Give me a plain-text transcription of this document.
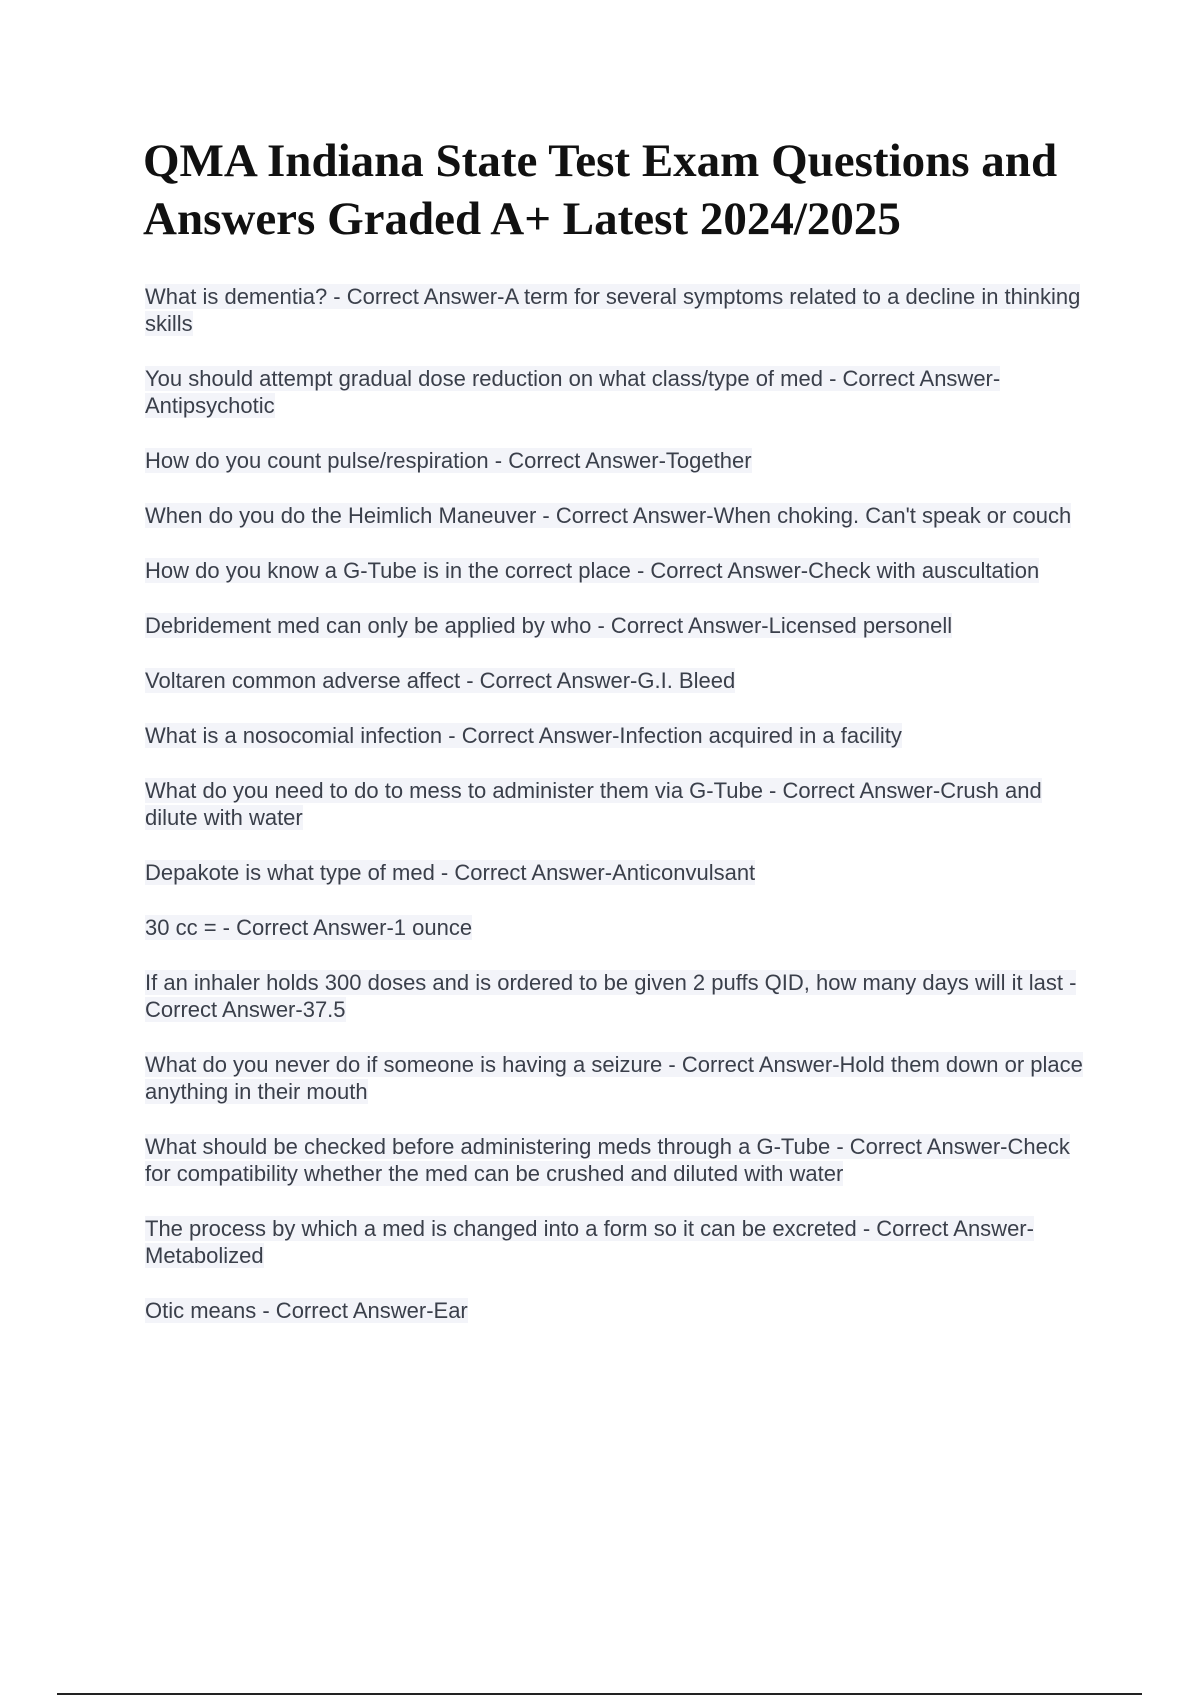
QMA Indiana State Test Exam Questions and Answers Graded A+ Latest 2024/2025
What is dementia? - Correct Answer-A term for several symptoms related to a decline in thinking skills
You should attempt gradual dose reduction on what class/type of med - Correct Answer-Antipsychotic
How do you count pulse/respiration - Correct Answer-Together
When do you do the Heimlich Maneuver - Correct Answer-When choking. Can't speak or couch
How do you know a G-Tube is in the correct place - Correct Answer-Check with auscultation
Debridement med can only be applied by who - Correct Answer-Licensed personell
Voltaren common adverse affect - Correct Answer-G.I. Bleed
What is a nosocomial infection - Correct Answer-Infection acquired in a facility
What do you need to do to mess to administer them via G-Tube - Correct Answer-Crush and dilute with water
Depakote is what type of med - Correct Answer-Anticonvulsant
30 cc = - Correct Answer-1 ounce
If an inhaler holds 300 doses and is ordered to be given 2 puffs QID, how many days will it last - Correct Answer-37.5
What do you never do if someone is having a seizure - Correct Answer-Hold them down or place anything in their mouth
What should be checked before administering meds through a G-Tube - Correct Answer-Check for compatibility whether the med can be crushed and diluted with water
The process by which a med is changed into a form so it can be excreted - Correct Answer-Metabolized
Otic means - Correct Answer-Ear
